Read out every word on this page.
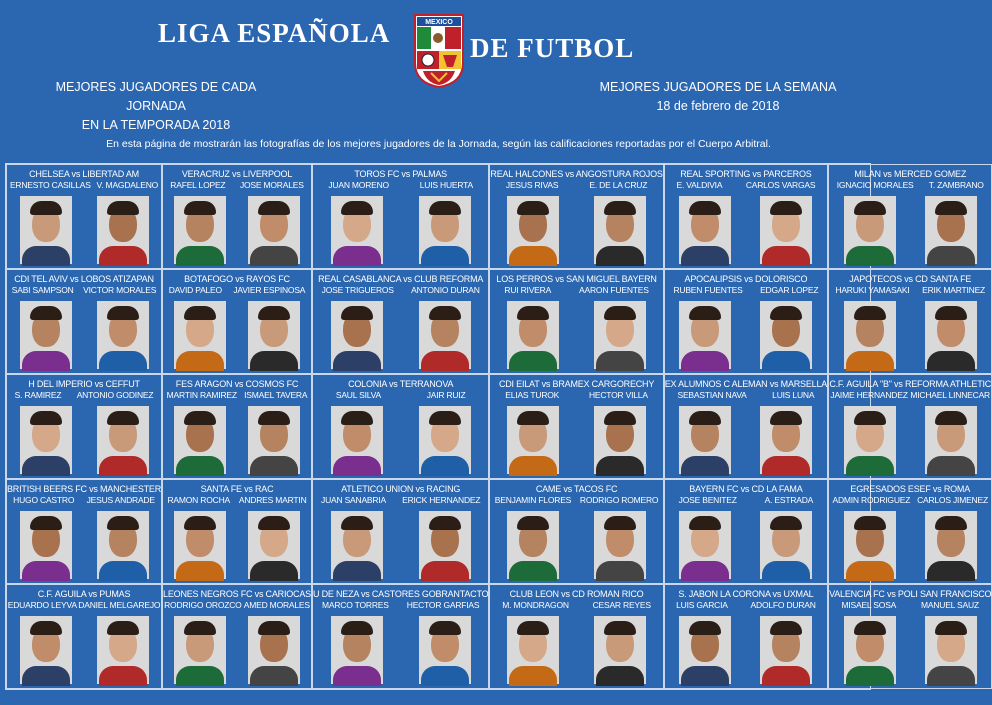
LIGA ESPAÑOLA	MEXICO
DE FUTBOL
MEJORES JUGADORES DE CADA JORNADA
EN LA TEMPORADA 2018
MEJORES JUGADORES DE LA SEMANA
18 de febrero de 2018
En esta página de mostrarán las fotografías de los mejores jugadores de la Jornada, según las calificaciones reportadas por el Cuerpo Arbitral.
CHELSEA vs LIBERTAD AM
ERNESTO CASILLAS V. MAGDALENO
VERACRUZ vs LIVERPOOL
RAFEL LOPEZ JOSE MORALES
TOROS FC vs PALMAS
JUAN MORENO	LUIS HUERTA
REAL HALCONES vs ANGOSTURA ROJOS
JESUS RIVAS	E. DE LA CRUZ
REAL SPORTING vs PARCEROS
E. VALDIVIA	CARLOS VARGAS
MILAN vs MERCED GOMEZ
IGNACIO MORALES T. ZAMBRANO
CDI TEL AVIV vs LOBOS ATIZAPAN
SABI SAMPSON VICTOR MORALES
BOTAFOGO vs RAYOS FC
DAVID PALEO JAVIER ESPINOSA
REAL CASABLANCA vs CLUB REFORMA
JOSE TRIGUEROS ANTONIO DURAN
LOS PERROS vs SAN MIGUEL BAYERN
RUI RIVERA	AARON FUENTES
APOCALIPSIS vs DOLORISCO
RUBEN FUENTES EDGAR LOPEZ
JAPOTECOS vs CD SANTA FE
HARUKI YAMASAKI ERIK MARTINEZ
H DEL IMPERIO vs CEFFUT
S. RAMIREZ ANTONIO GODINEZ
FES ARAGON vs COSMOS FC
MARTIN RAMIREZ ISMAEL TAVERA
COLONIA vs TERRANOVA
SAUL SILVA	JAIR RUIZ
CDI EILAT vs BRAMEX CARGORECHY
ELIAS TUROK	HECTOR VILLA
EX ALUMNOS C ALEMAN vs MARSELLA
SEBASTIAN NAVA	LUIS LUNA
C.F. AGUILA "B" vs REFORMA ATHLETIC
JAIME HERNANDEZ MICHAEL LINNECAR
BRITISH BEERS FC vs MANCHESTER
HUGO CASTRO JESUS ANDRADE
SANTA FE vs RAC
RAMON ROCHA ANDRES MARTIN
ATLETICO UNION vs RACING
JUAN SANABRIA ERICK HERNANDEZ
CAME vs TACOS FC
BENJAMIN FLORES RODRIGO ROMERO
BAYERN FC vs CD LA FAMA
JOSE BENITEZ	A. ESTRADA
EGRESADOS ESEF vs ROMA
ADMIN RODRIGUEZ CARLOS JIMENEZ
C.F. AGUILA vs PUMAS
EDUARDO LEYVA DANIEL MELGAREJO
LEONES NEGROS FC vs CARIOCAS
RODRIGO OROZCO AMED MORALES
U DE NEZA vs CASTORES GOBRANTACTO
MARCO TORRES HECTOR GARFIAS
CLUB LEON vs CD ROMAN RICO
M. MONDRAGON	CESAR REYES
S. JABON LA CORONA vs UXMAL
LUIS GARCIA	ADOLFO DURAN
VALENCIA FC vs POLI SAN FRANCISCO
MISAEL SOSA	MANUEL SAUZ
